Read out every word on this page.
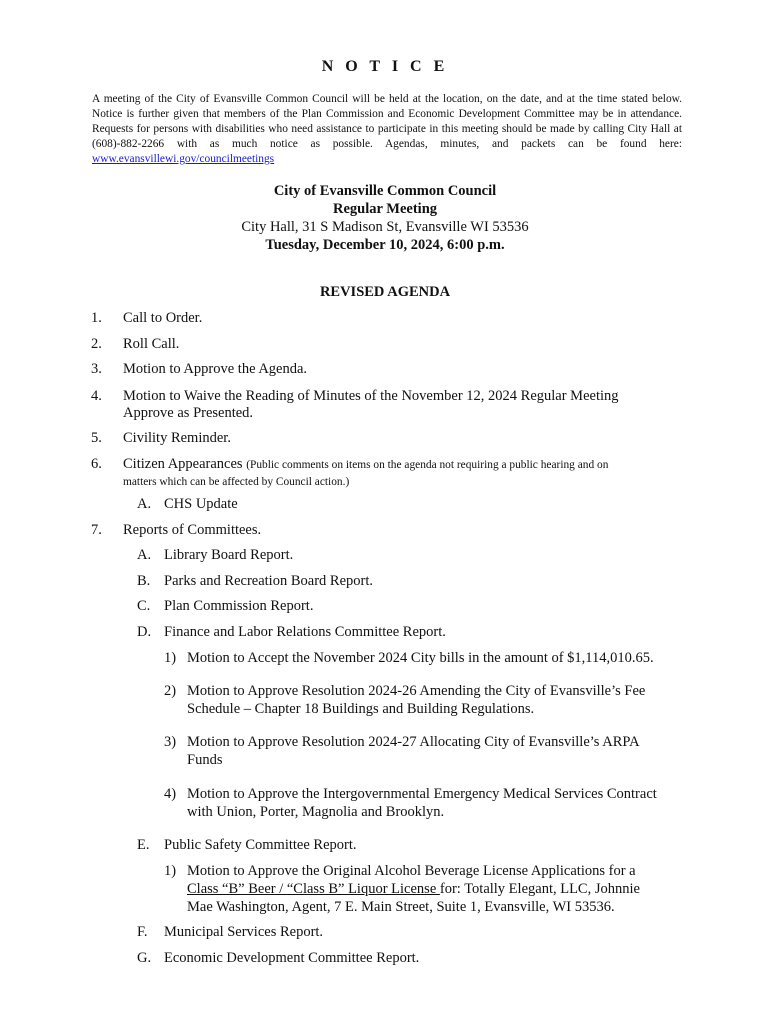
N O T I C E
A meeting of the City of Evansville Common Council will be held at the location, on the date, and at the time stated below. Notice is further given that members of the Plan Commission and Economic Development Committee may be in attendance. Requests for persons with disabilities who need assistance to participate in this meeting should be made by calling City Hall at (608)-882-2266 with as much notice as possible. Agendas, minutes, and packets can be found here: www.evansvillewi.gov/councilmeetings
City of Evansville Common Council
Regular Meeting
City Hall, 31 S Madison St, Evansville WI 53536
Tuesday, December 10, 2024, 6:00 p.m.
REVISED AGENDA
1. Call to Order.
2. Roll Call.
3. Motion to Approve the Agenda.
4. Motion to Waive the Reading of Minutes of the November 12, 2024 Regular Meeting
Approve as Presented.
5. Civility Reminder.
6. Citizen Appearances (Public comments on items on the agenda not requiring a public hearing and on
matters which can be affected by Council action.)
A. CHS Update
7. Reports of Committees.
A. Library Board Report.
B. Parks and Recreation Board Report.
C. Plan Commission Report.
D. Finance and Labor Relations Committee Report.
1) Motion to Accept the November 2024 City bills in the amount of $1,114,010.65.
2) Motion to Approve Resolution 2024-26 Amending the City of Evansville’s Fee
Schedule – Chapter 18 Buildings and Building Regulations.
3) Motion to Approve Resolution 2024-27 Allocating City of Evansville’s ARPA
Funds
4) Motion to Approve the Intergovernmental Emergency Medical Services Contract
with Union, Porter, Magnolia and Brooklyn.
E. Public Safety Committee Report.
1) Motion to Approve the Original Alcohol Beverage License Applications for a
Class “B” Beer / “Class B” Liquor License for: Totally Elegant, LLC, Johnnie
Mae Washington, Agent, 7 E. Main Street, Suite 1, Evansville, WI 53536.
F. Municipal Services Report.
G. Economic Development Committee Report.
